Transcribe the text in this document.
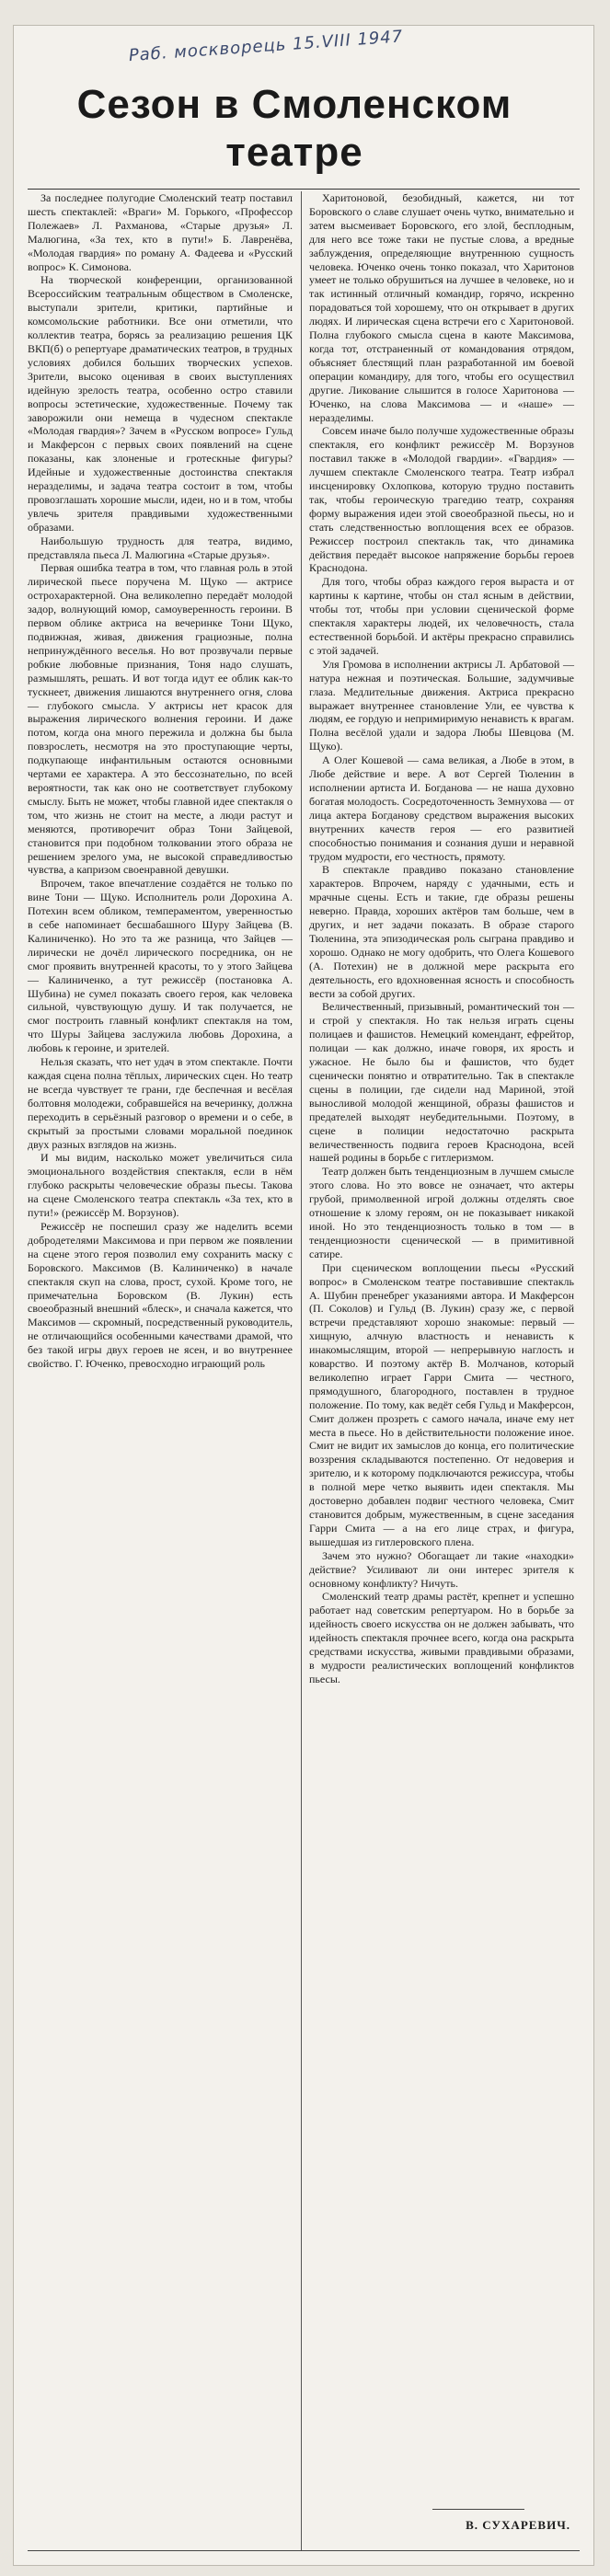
Раб. москворець 15.VIII 1947
Сезон в Смоленском
театре

За последнее полугодие Смоленский театр поставил шесть спектаклей: «Враги» М. Горького, «Профессор Полежаев» Л. Рахманова, «Старые друзья» Л. Малюгина, «За тех, кто в пути!» Б. Лавренёва, «Молодая гвардия» по роману А. Фадеева и «Русский вопрос» К. Симонова.

На творческой конференции, организованной Всероссийским театральным обществом в Смоленске, выступали зрители, критики, партийные и комсомольские работники. Все они отметили, что коллектив театра, борясь за реализацию решения ЦК ВКП(б) о репертуаре драматических театров, в трудных условиях добился больших творческих успехов. Зрители, высоко оценивая в своих выступлениях идейную зрелость театра, особенно остро ставили вопросы эстетические, художественные. Почему так заворожили они немеща в чудесном спектакле «Молодая гвардия»? Зачем в «Русском вопросе» Гульд и Макферсон с первых своих появлений на сцене показаны, как злоненые и гротескные фигуры? Идейные и художественные достоинства спектакля неразделимы, и задача театра состоит в том, чтобы провозглашать хорошие мысли, идеи, но и в том, чтобы увлечь зрителя правдивыми художественными образами.

Наибольшую трудность для театра, видимо, представляла пьеса Л. Малюгина «Старые друзья».

Первая ошибка театра в том, что главная роль в этой лирической пьесе поручена М. Щуко — актрисе остроxарактерной. Она великолепно передаёт молодой задор, волнующий юмор, самоуверенность героини. В первом облике актриса на вечеринке Тони Щуко, подвижная, живая, движения грациозные, полна непринуждённого веселья. Но вот прозвучали первые робкие любовные признания, Тоня надо слушать, размышлять, решать. И вот тогда идут ее облик как-то тускнеет, движения лишаются внутреннего огня, слова — глубокого смысла. У актрисы нет красок для выражения лирического волнения героини. И даже потом, когда она много пережила и должна бы была повзрослеть, несмотря на это проступающие черты, подкупающе инфантильным остаются основными чертами ее характера. А это бессознательно, по всей вероятности, так как оно не соответствует глубокому смыслу. Быть не может, чтобы главной идее спектакля о том, что жизнь не стоит на месте, а люди растут и меняются, противоречит образ Тони Зайцевой, становится при подобном толковании этого образа не решением зрелого ума, не высокой справедливостью чувства, а капризом своенравной девушки.

Впрочем, такое впечатление создаётся не только по вине Тони — Щуко. Исполнитель роли Дорохина А. Потехин всем обликом, темпераментом, уверенностью в себе напоминает бесшабашного Шуру Зайцева (В. Калиниченко). Но это та же разница, что Зайцев — лирически не дочёл лирического посредника, он не смог проявить внутренней красоты, то у этого Зайцева — Калиниченко, а тут режиссёр (постановка А. Шубина) не сумел показать своего героя, как человека сильной, чувствующую душу. И так получается, не смог построить главный конфликт спектакля на том, что Шуры Зайцева заслужила любовь Дорохина, а любовь к героине, и зрителей.

Нельзя сказать, что нет удач в этом спектакле. Почти каждая сцена полна тёплых, лирических сцен. Но театр не всегда чувствует те грани, где беспечная и весёлая болтовня молодежи, собравшейся на вечеринку, должна переходить в серьёзный разговор о времени и о себе, в скрытый за простыми словами моральной поединок двух разных взглядов на жизнь.

И мы видим, насколько может увеличиться сила эмоционального воздействия спектакля, если в нём глубоко раскрыты человеческие образы пьесы. Такова на сцене Смоленского театра спектакль «За тех, кто в пути!» (режиссёр М. Ворзунов).

Режиссёр не поспешил сразу же наделить всеми добродетелями Максимова и при первом же появлении на сцене этого героя позволил ему сохранить маску с Боровского. Максимов (В. Калиниченко) в начале спектакля скуп на слова, прост, сухой. Кроме того, не примечательна Боровском (В. Лукин) есть своеобразный внешний «блеск», и сначала кажется, что Максимов — скромный, посредственный руководитель, не отличающийся особенными качествами драмой, что без такой игры двух героев не ясен, и во внутреннее свойство. Г. Юченко, превосходно играющий роль

Харитоновой, безобидный, кажется, ни тот Боровского о славе слушает очень чутко, внимательно и затем высмеивает Боровского, его злой, бесплодным, для него все тоже таки не пустые слова, а вредные заблуждения, определяющие внутреннюю сущность человека. Юченко очень тонко показал, что Харитонов умеет не только обрушиться на лучшее в человеке, но и так истинный отличный командир, горячо, искренно порадоваться той хорошему, что он открывает в других людях. И лирическая сцена встречи его с Харитоновой. Полна глубокого смысла сцена в каюте Максимова, когда тот, отстраненный от командования отрядом, объясняет блестящий план разработанной им боевой операции командиру, для того, чтобы его осуществил другие. Ликование слышится в голосе Харитонова — Юченко, на слова Максимова — и «наше» — неразделимы.

Совсем иначе было получше художественные образы спектакля, его конфликт режиссёр М. Ворзунов поставил также в «Молодой гвардии». «Гвардия» — лучшем спектакле Смоленского театра. Театр избрал инсценировку Охлопкова, которую трудно поставить так, чтобы героическую трагедию театр, сохраняя форму выражения идеи этой своеобразной пьесы, но и стать следственностью воплощения всех ее образов. Режиссер построил спектакль так, что динамика действия передаёт высокое напряжение борьбы героев Краснодона.

Для того, чтобы образ каждого героя выраста и от картины к картине, чтобы он стал ясным в действии, чтобы тот, чтобы при условии сценической форме спектакля характеры людей, их человечность, стала естественной борьбой. И актёры прекрасно справились с этой задачей.

Уля Громова в исполнении актрисы Л. Арбатовой — натура нежная и поэтическая. Большие, задумчивые глаза. Медлительные движения. Актриса прекрасно выражает внутреннее становление Ули, ее чувства к людям, ее гордую и непримиримую ненависть к врагам. Полна весёлой удали и задора Любы Шевцова (М. Щуко).

А Олег Кошевой — сама великая, а Любе в этом, в Любе действие и вере. А вот Сергей Тюленин в исполнении артиста И. Богданова — не наша духовно богатая молодость. Сосредоточенность Земнухова — от лица актера Богданову средством выражения высоких внутренних качеств героя — его развитией способностью понимания и сознания души и неравной трудом мудрости, его честность, прямоту.

В спектакле правдиво показано становление характеров. Впрочем, наряду с удачными, есть и мрачные сцены. Есть и такие, где образы решены неверно. Правда, хороших актёров там больше, чем в других, и нет задачи показать. В образе старого Тюленина, эта эпизодическая роль сыграна правдиво и хорошо. Однако не могу одобрить, что Олега Кошевого (А. Потехин) не в должной мере раскрыта его деятельность, его вдохновенная ясность и способность вести за собой других.

Величественный, призывный, романтический тон — и строй у спектакля. Но так нельзя играть сцены полицаев и фашистов. Немецкий комендант, ефрейтор, полицаи — как должно, иначе говоря, их ярость и ужасное. Не было бы и фашистов, что будет сценически понятно и отвратительно. Так в спектакле сцены в полиции, где сидели над Мариной, этой выносливой молодой женщиной, образы фашистов и предателей выходят неубедительными. Поэтому, в сцене в полиции недостаточно раскрыта величественность подвига героев Краснодона, всей нашей родины в борьбе с гитлеризмом.

Театр должен быть тенденциозным в лучшем смысле этого слова. Но это вовсе не означает, что актеры грубой, примолвенной игрой должны отделять свое отношение к злому героям, он не показывает никакой иной. Но это тенденциозность только в том — в тенденциозности сценической — в примитивной сатире.

При сценическом воплощении пьесы «Русский вопрос» в Смоленском театре поставившие спектакль А. Шубин пренебрег указаниями автора. И Макферсон (П. Соколов) и Гульд (В. Лукин) сразу же, с первой встречи представляют хорошо знакомые: первый — хищную, алчную властность и ненависть к инакомыслящим, второй — непрерывную наглость и коварство. И поэтому актёр В. Молчанов, который великолепно играет Гарри Смита — честного, прямодушного, благородного, поставлен в трудное положение. По тому, как ведёт себя Гульд и Макферсон, Смит должен прозреть с самого начала, иначе ему нет места в пьесе. Но в действительности положение иное. Смит не видит их замыслов до конца, его политические воззрения складываются постепенно. От недоверия и зрителю, и к которому подключаются режиссура, чтобы в полной мере четко выявить идеи спектакля. Мы достоверно добавлен подвиг честного человека, Смит становится добрым, мужественным, в сцене заседания Гарри Смита — а на его лице страх, и фигура, вышедшая из гитлеровского плена.

Зачем это нужно? Обогащает ли такие «находки» действие? Усиливают ли они интерес зрителя к основному конфликту? Ничуть.

Смоленский театр драмы растёт, крепнет и успешно работает над советским репертуаром. Но в борьбе за идейность своего искусства он не должен забывать, что идейность спектакля прочнее всего, когда она раскрыта средствами искусства, живыми правдивыми образами, в мудрости реалистических воплощений конфликтов пьесы.

В. СУХАРЕВИЧ.
